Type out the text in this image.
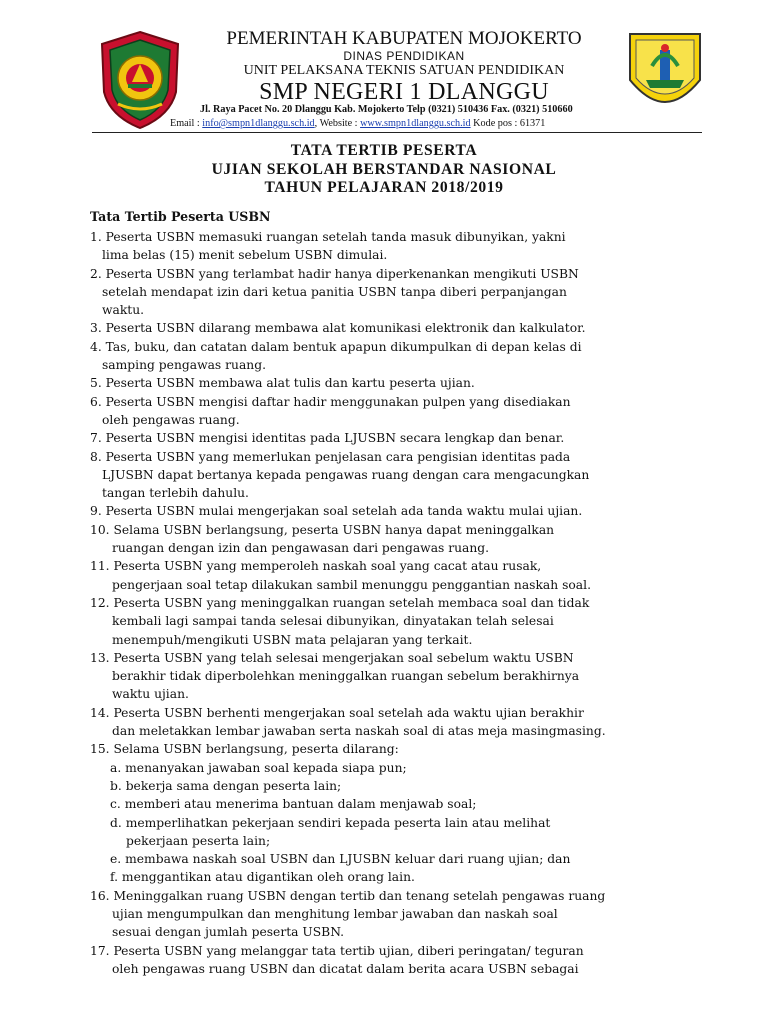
PEMERINTAH KABUPATEN MOJOKERTO

DINAS PENDIDIKAN

UNIT PELAKSANA TEKNIS SATUAN PENDIDIKAN

SMP NEGERI 1 DLANGGU

Jl. Raya Pacet No. 20 Dlanggu Kab. Mojokerto Telp (0321) 510436 Fax. (0321) 510660
Email : info@smpn1dlanggu.sch.id, Website : www.smpn1dlanggu.sch.id Kode pos : 61371
TATA TERTIB PESERTA
UJIAN SEKOLAH BERSTANDAR NASIONAL
TAHUN PELAJARAN 2018/2019
Tata Tertib Peserta USBN
1. Peserta USBN memasuki ruangan setelah tanda masuk dibunyikan, yakni
lima belas (15) menit sebelum USBN dimulai.
2. Peserta USBN yang terlambat hadir hanya diperkenankan mengikuti USBN
setelah mendapat izin dari ketua panitia USBN tanpa diberi perpanjangan
waktu.
3. Peserta USBN dilarang membawa alat komunikasi elektronik dan kalkulator.
4. Tas, buku, dan catatan dalam bentuk apapun dikumpulkan di depan kelas di
samping pengawas ruang.
5. Peserta USBN membawa alat tulis dan kartu peserta ujian.
6. Peserta USBN mengisi daftar hadir menggunakan pulpen yang disediakan
oleh pengawas ruang.
7. Peserta USBN mengisi identitas pada LJUSBN secara lengkap dan benar.
8. Peserta USBN yang memerlukan penjelasan cara pengisian identitas pada
LJUSBN dapat bertanya kepada pengawas ruang dengan cara mengacungkan
tangan terlebih dahulu.
9. Peserta USBN mulai mengerjakan soal setelah ada tanda waktu mulai ujian.
10. Selama USBN berlangsung, peserta USBN hanya dapat meninggalkan
ruangan dengan izin dan pengawasan dari pengawas ruang.
11. Peserta USBN yang memperoleh naskah soal yang cacat atau rusak,
pengerjaan soal tetap dilakukan sambil menunggu penggantian naskah soal.
12. Peserta USBN yang meninggalkan ruangan setelah membaca soal dan tidak
kembali lagi sampai tanda selesai dibunyikan, dinyatakan telah selesai
menempuh/mengikuti USBN mata pelajaran yang terkait.
13. Peserta USBN yang telah selesai mengerjakan soal sebelum waktu USBN
berakhir tidak diperbolehkan meninggalkan ruangan sebelum berakhirnya
waktu ujian.
14. Peserta USBN berhenti mengerjakan soal setelah ada waktu ujian berakhir
dan meletakkan lembar jawaban serta naskah soal di atas meja masingmasing.
15. Selama USBN berlangsung, peserta dilarang:
a. menanyakan jawaban soal kepada siapa pun;
b. bekerja sama dengan peserta lain;
c. memberi atau menerima bantuan dalam menjawab soal;
d. memperlihatkan pekerjaan sendiri kepada peserta lain atau melihat
pekerjaan peserta lain;
e. membawa naskah soal USBN dan LJUSBN keluar dari ruang ujian; dan
f. menggantikan atau digantikan oleh orang lain.
16. Meninggalkan ruang USBN dengan tertib dan tenang setelah pengawas ruang
ujian mengumpulkan dan menghitung lembar jawaban dan naskah soal
sesuai dengan jumlah peserta USBN.
17. Peserta USBN yang melanggar tata tertib ujian, diberi peringatan/ teguran
oleh pengawas ruang USBN dan dicatat dalam berita acara USBN sebagai
